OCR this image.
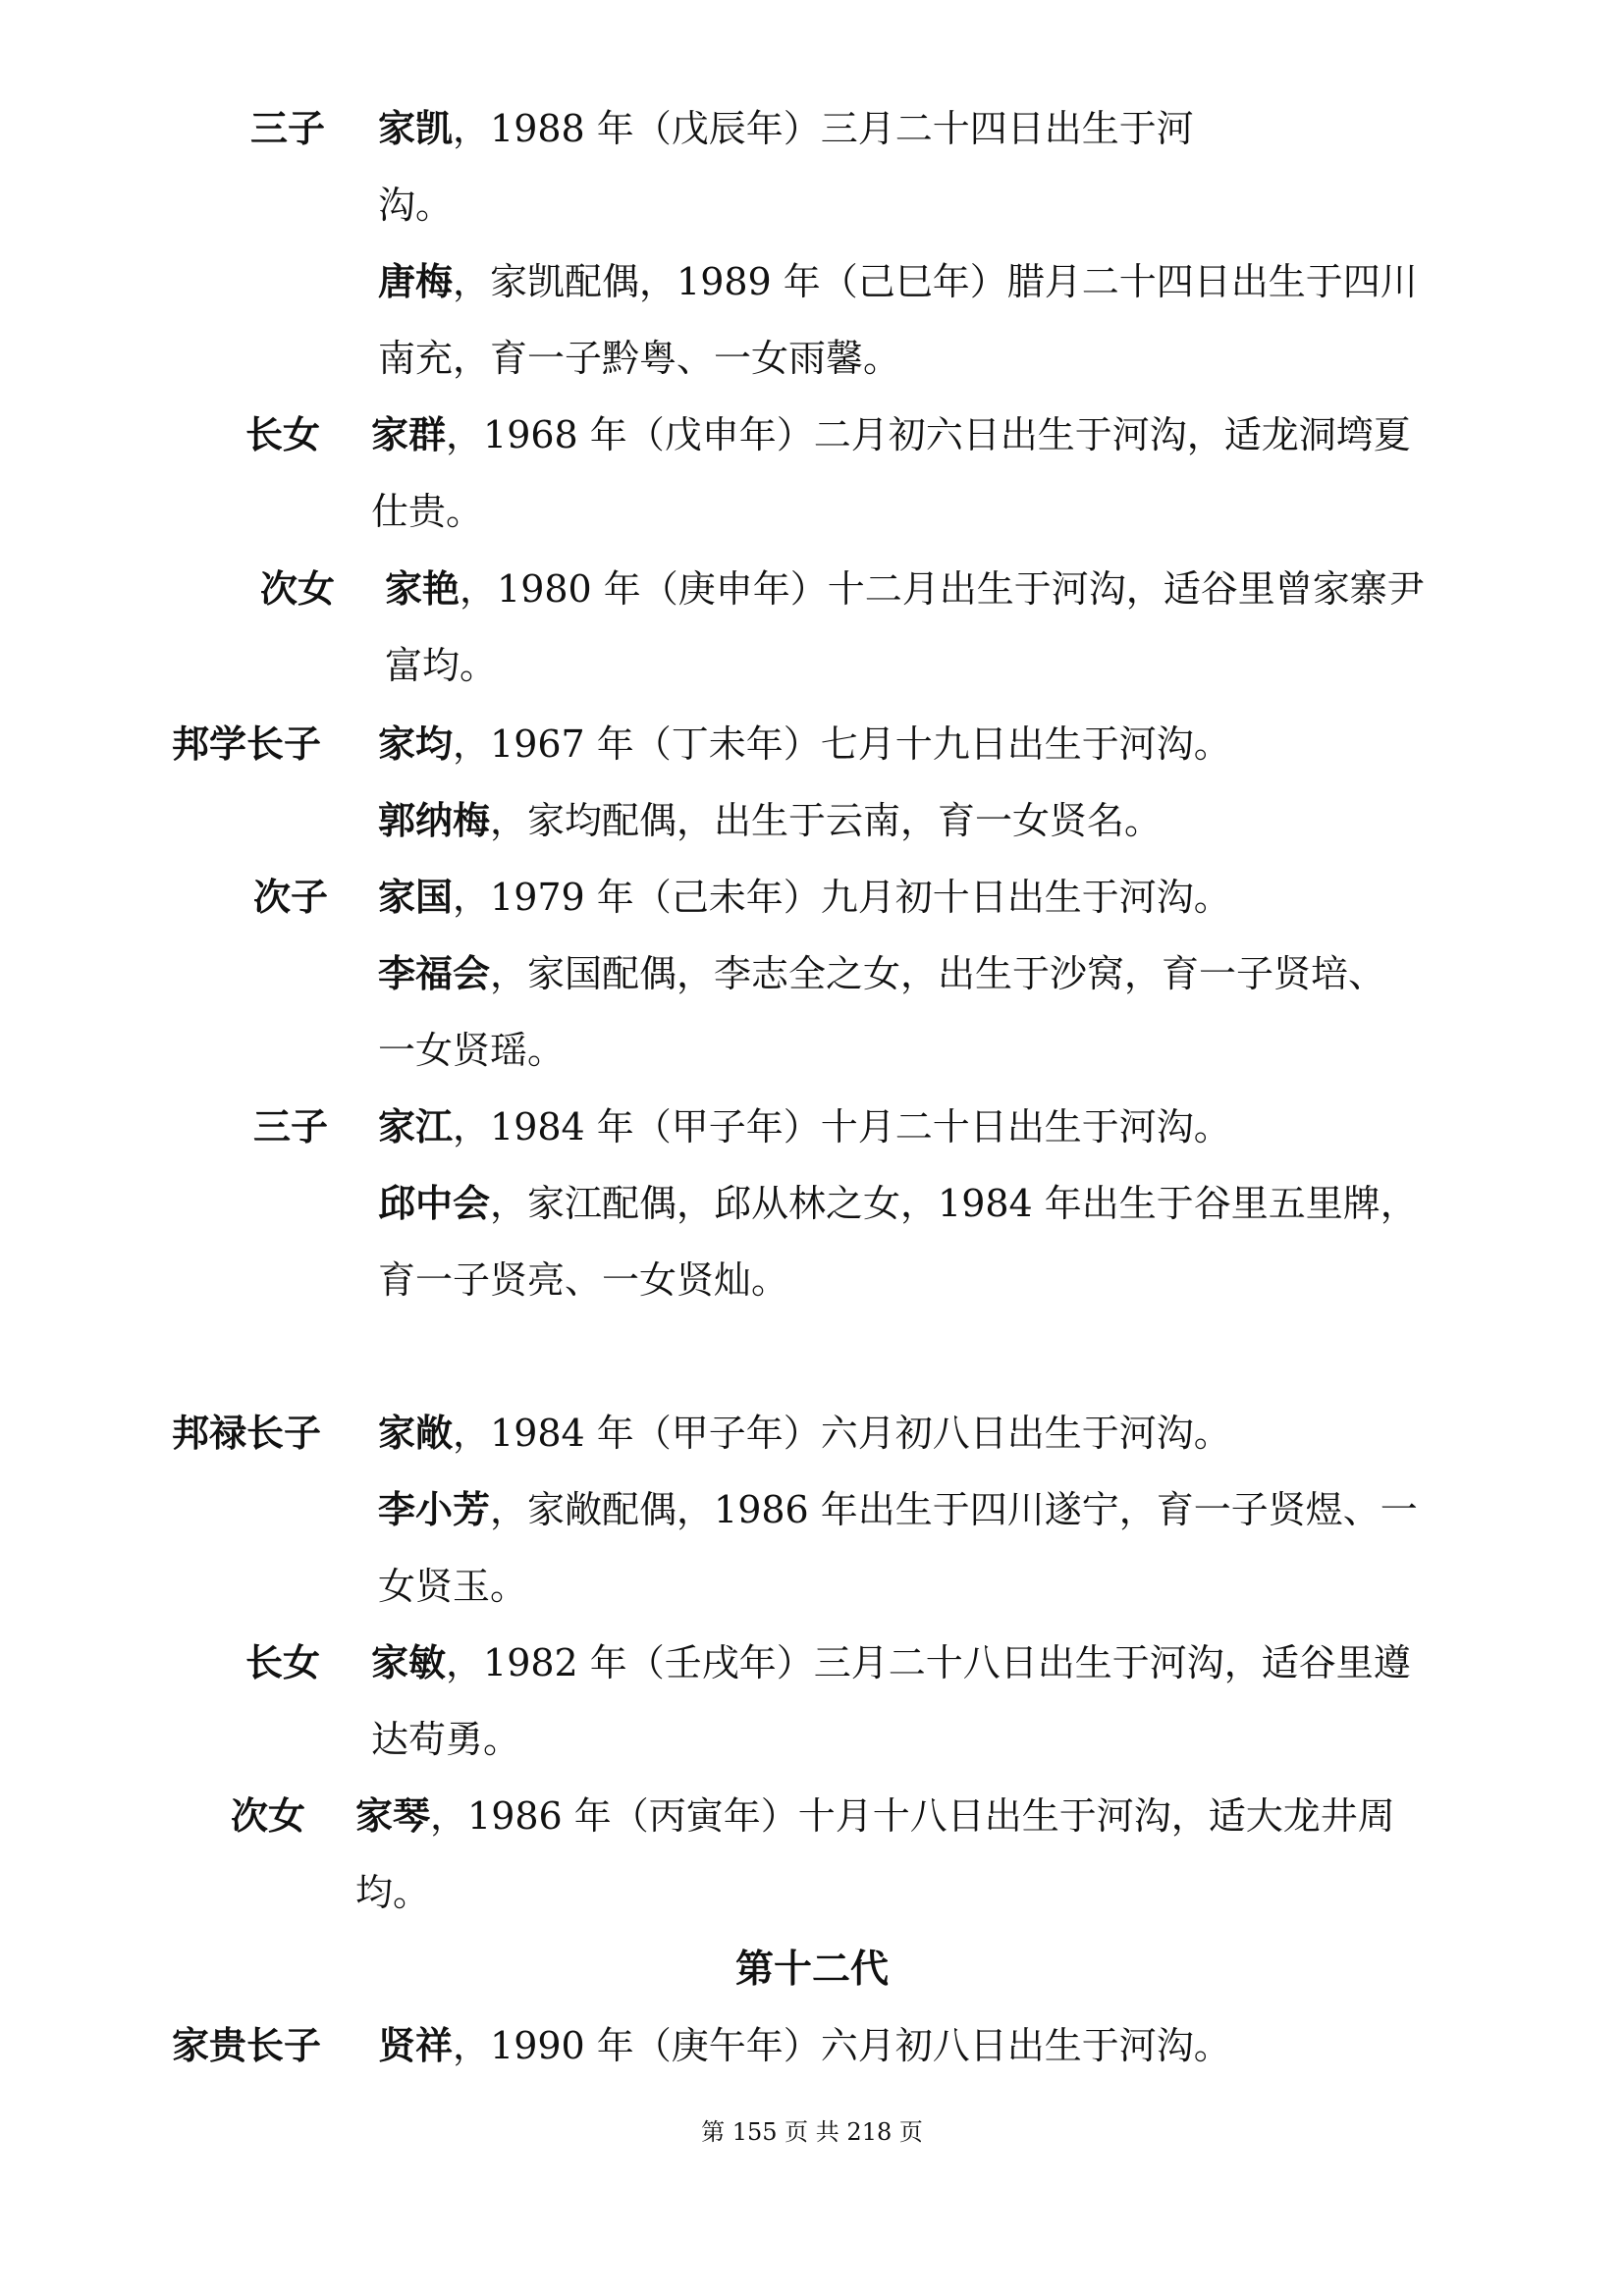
三子 家凯，1988 年（戊辰年）三月二十四日出生于河
沟。
唐梅，家凯配偶，1989 年（己巳年）腊月二十四日出生于四川
南充，育一子黔粤、一女雨馨。
长女 家群，1968 年（戊申年）二月初六日出生于河沟，适龙洞塆夏
仕贵。
次女 家艳，1980 年（庚申年）十二月出生于河沟，适谷里曾家寨尹
富均。
邦学长子 家均，1967 年（丁未年）七月十九日出生于河沟。
郭纳梅，家均配偶，出生于云南，育一女贤名。
次子 家国，1979 年（己未年）九月初十日出生于河沟。
李福会，家国配偶，李志全之女，出生于沙窝，育一子贤培、
一女贤瑶。
三子 家江，1984 年（甲子年）十月二十日出生于河沟。
邱中会，家江配偶，邱从林之女，1984 年出生于谷里五里牌，
育一子贤亮、一女贤灿。
邦禄长子 家敞，1984 年（甲子年）六月初八日出生于河沟。
李小芳，家敞配偶，1986 年出生于四川遂宁，育一子贤煜、一
女贤玉。
长女 家敏，1982 年（壬戌年）三月二十八日出生于河沟，适谷里遵
达苟勇。
次女 家琴，1986 年（丙寅年）十月十八日出生于河沟，适大龙井周
均。
第十二代
家贵长子 贤祥，1990 年（庚午年）六月初八日出生于河沟。
第 155 页 共 218 页
